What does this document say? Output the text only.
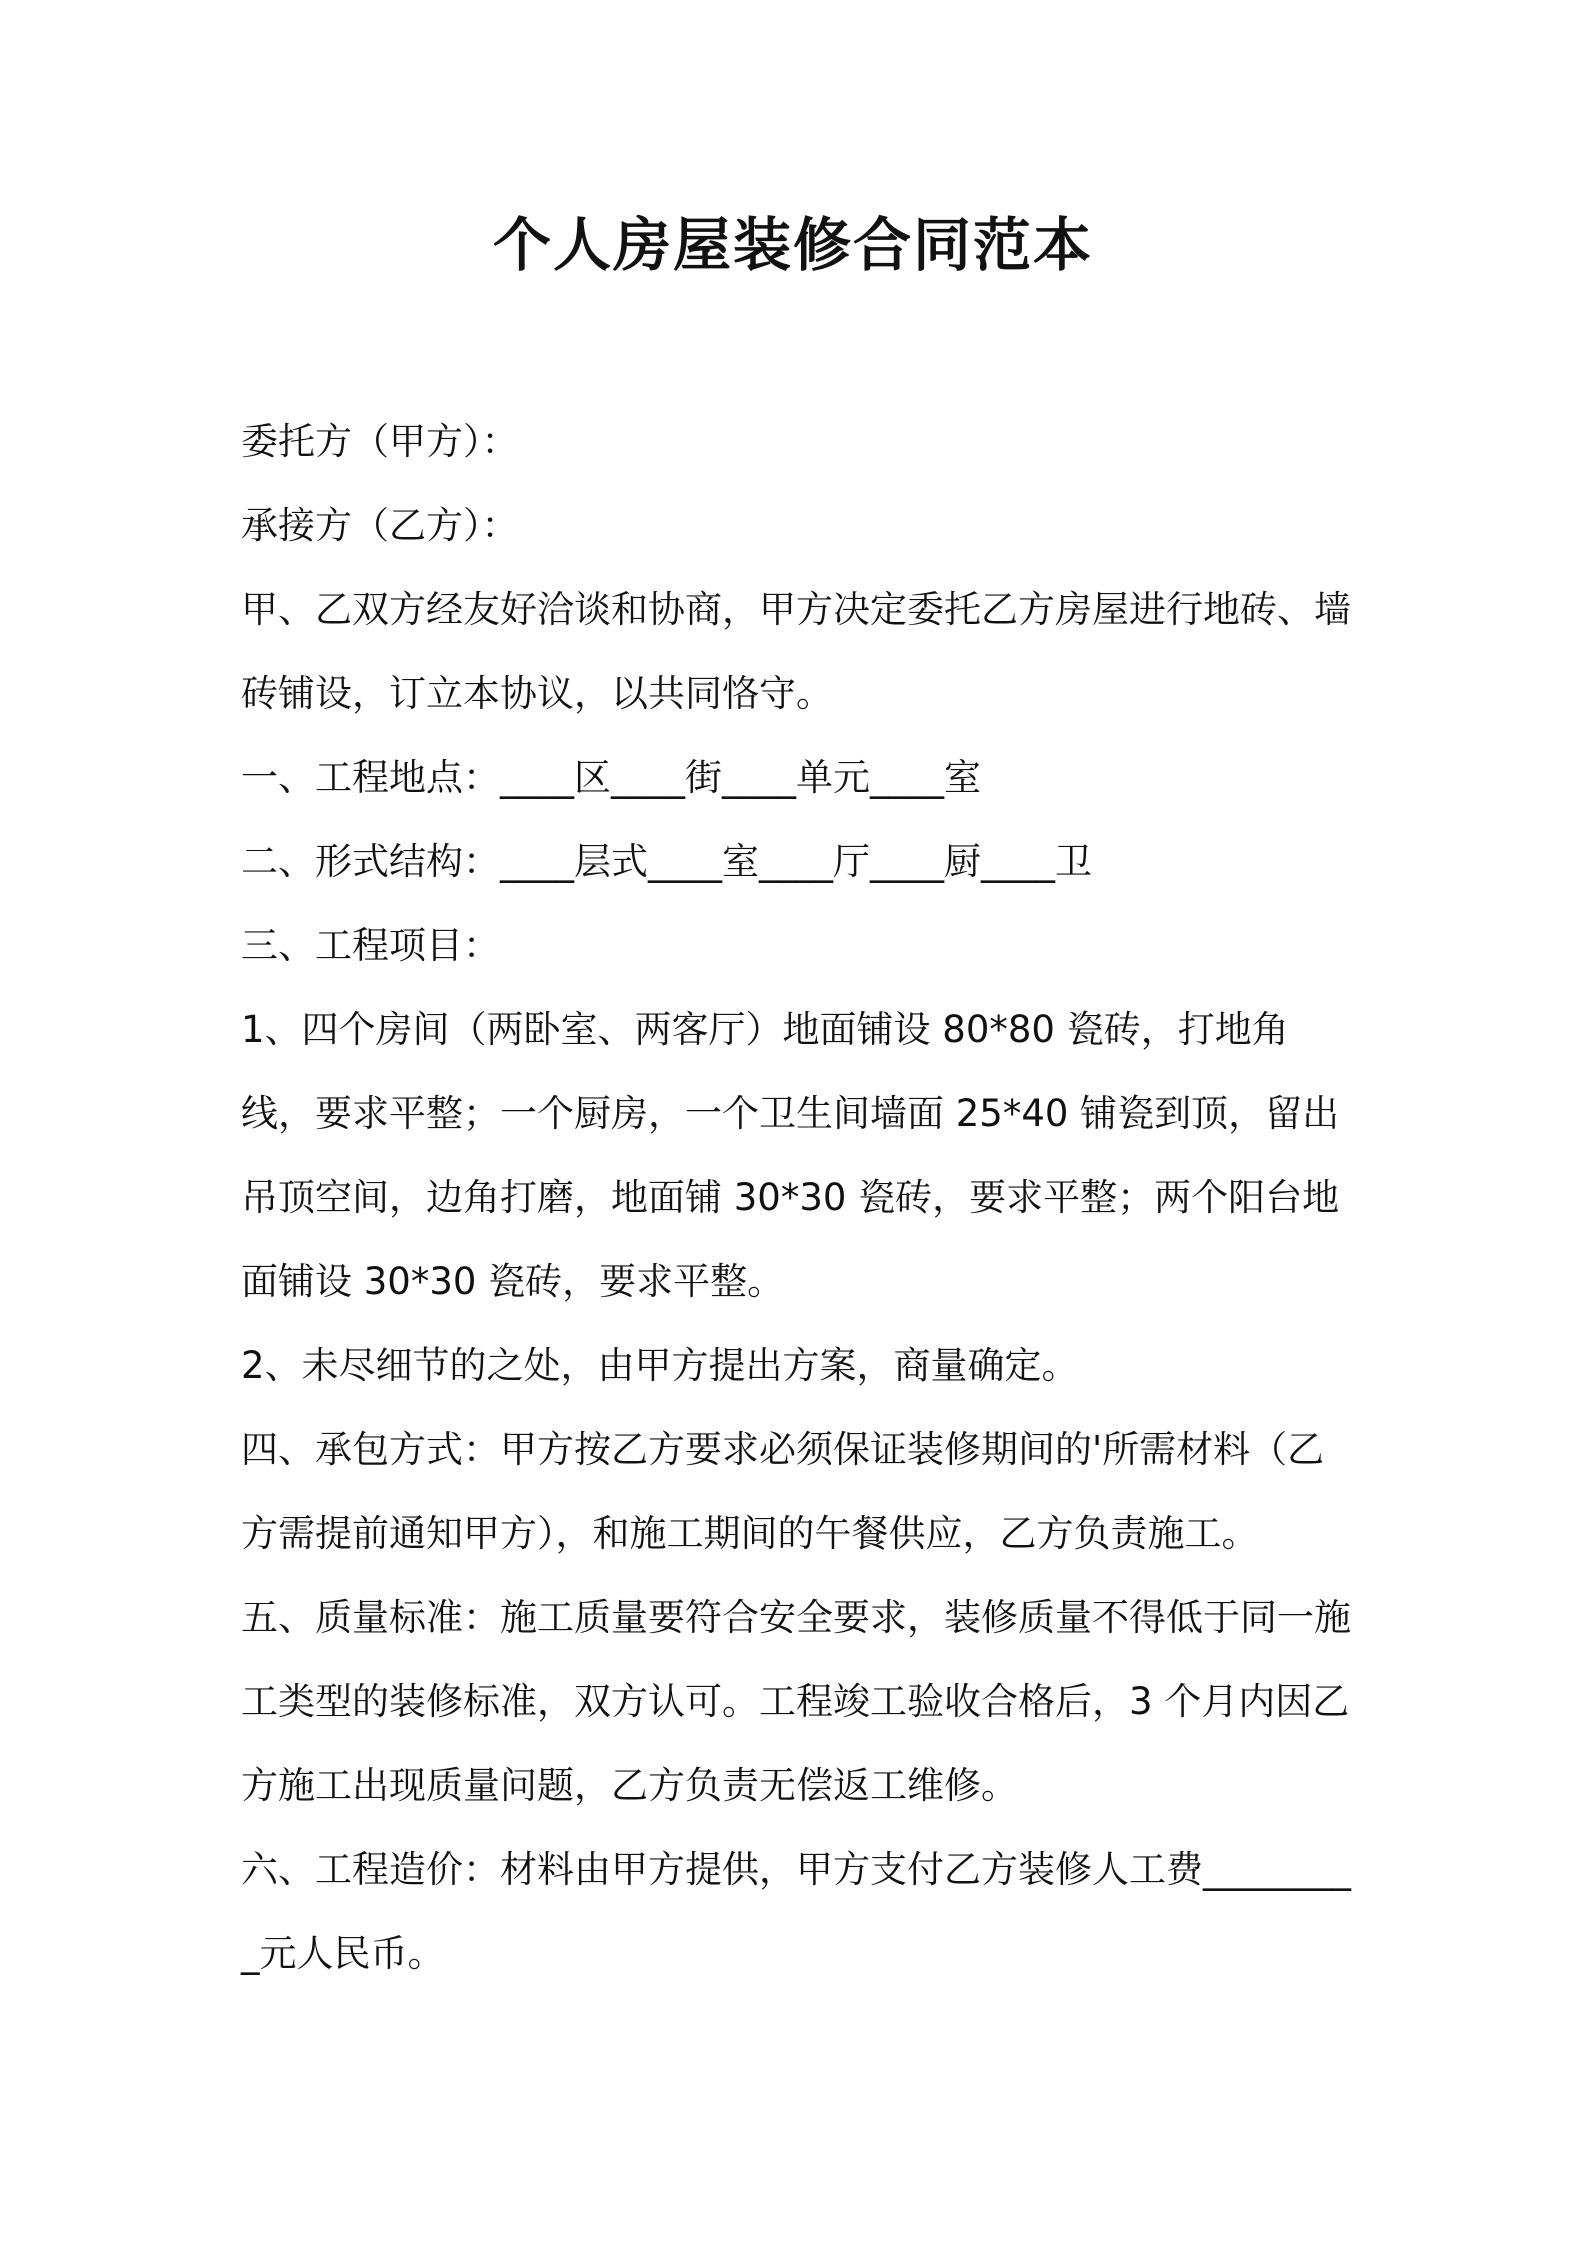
个人房屋装修合同范本

委托方（甲方）：

承接方（乙方）：

甲、乙双方经友好洽谈和协商，甲方决定委托乙方房屋进行地砖、墙砖铺设，订立本协议，以共同恪守。

一、工程地点：____区____街____单元____室

二、形式结构：____层式____室____厅____厨____卫

三、工程项目：

1、四个房间（两卧室、两客厅）地面铺设 80*80 瓷砖，打地角线，要求平整；一个厨房，一个卫生间墙面 25*40 铺瓷到顶，留出吊顶空间，边角打磨，地面铺 30*30 瓷砖，要求平整；两个阳台地面铺设 30*30 瓷砖，要求平整。

2、未尽细节的之处，由甲方提出方案，商量确定。

四、承包方式：甲方按乙方要求必须保证装修期间的'所需材料（乙方需提前通知甲方），和施工期间的午餐供应，乙方负责施工。

五、质量标准：施工质量要符合安全要求，装修质量不得低于同一施工类型的装修标准，双方认可。工程竣工验收合格后，3 个月内因乙方施工出现质量问题，乙方负责无偿返工维修。

六、工程造价：材料由甲方提供，甲方支付乙方装修人工费_________元人民币。
